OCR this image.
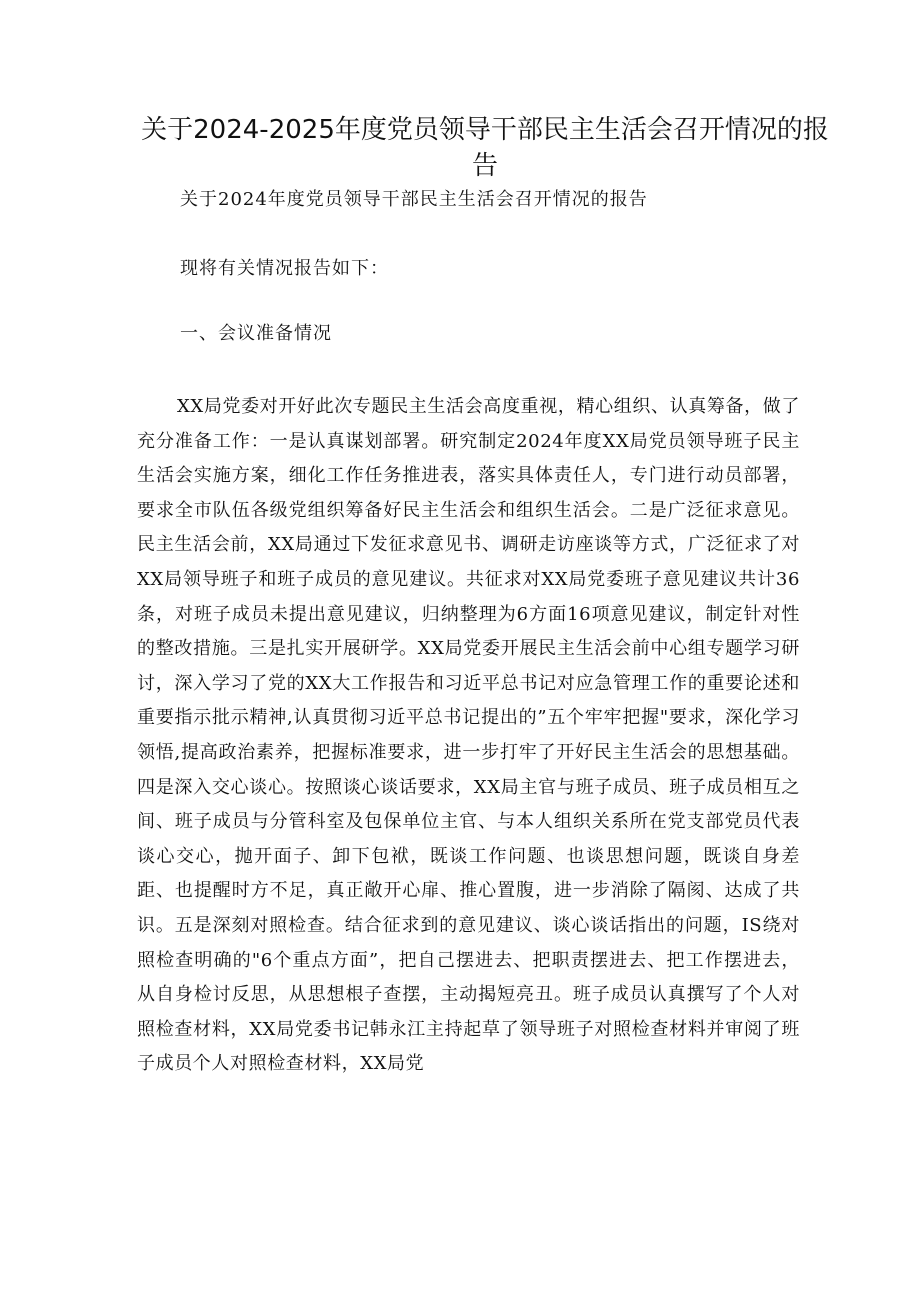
关于2024-2025年度党员领导干部民主生活会召开情况的报告

关于2024年度党员领导干部民主生活会召开情况的报告

现将有关情况报告如下：

一、会议准备情况

XX局党委对开好此次专题民主生活会高度重视，精心组织、认真筹备，做了充分准备工作：一是认真谋划部署。研究制定2024年度XX局党员领导班子民主生活会实施方案，细化工作任务推进表，落实具体责任人，专门进行动员部署，要求全市队伍各级党组织筹备好民主生活会和组织生活会。二是广泛征求意见。民主生活会前，XX局通过下发征求意见书、调研走访座谈等方式，广泛征求了对XX局领导班子和班子成员的意见建议。共征求对XX局党委班子意见建议共计36条，对班子成员未提出意见建议，归纳整理为6方面16项意见建议，制定针对性的整改措施。三是扎实开展研学。XX局党委开展民主生活会前中心组专题学习研讨，深入学习了党的XX大工作报告和习近平总书记对应急管理工作的重要论述和重要指示批示精神,认真贯彻习近平总书记提出的”五个牢牢把握"要求，深化学习领悟,提高政治素养，把握标准要求，进一步打牢了开好民主生活会的思想基础。四是深入交心谈心。按照谈心谈话要求，XX局主官与班子成员、班子成员相互之间、班子成员与分管科室及包保单位主官、与本人组织关系所在党支部党员代表谈心交心，抛开面子、卸下包袱，既谈工作问题、也谈思想问题，既谈自身差距、也提醒时方不足，真正敞开心扉、推心置腹，进一步消除了隔阂、达成了共识。五是深刻对照检查。结合征求到的意见建议、谈心谈话指出的问题，IS绕对照检查明确的"6个重点方面”，把自己摆进去、把职责摆进去、把工作摆进去，从自身检讨反思，从思想根子查摆，主动揭短亮丑。班子成员认真撰写了个人对照检查材料，XX局党委书记韩永江主持起草了领导班子对照检查材料并审阅了班子成员个人对照检查材料，XX局党
